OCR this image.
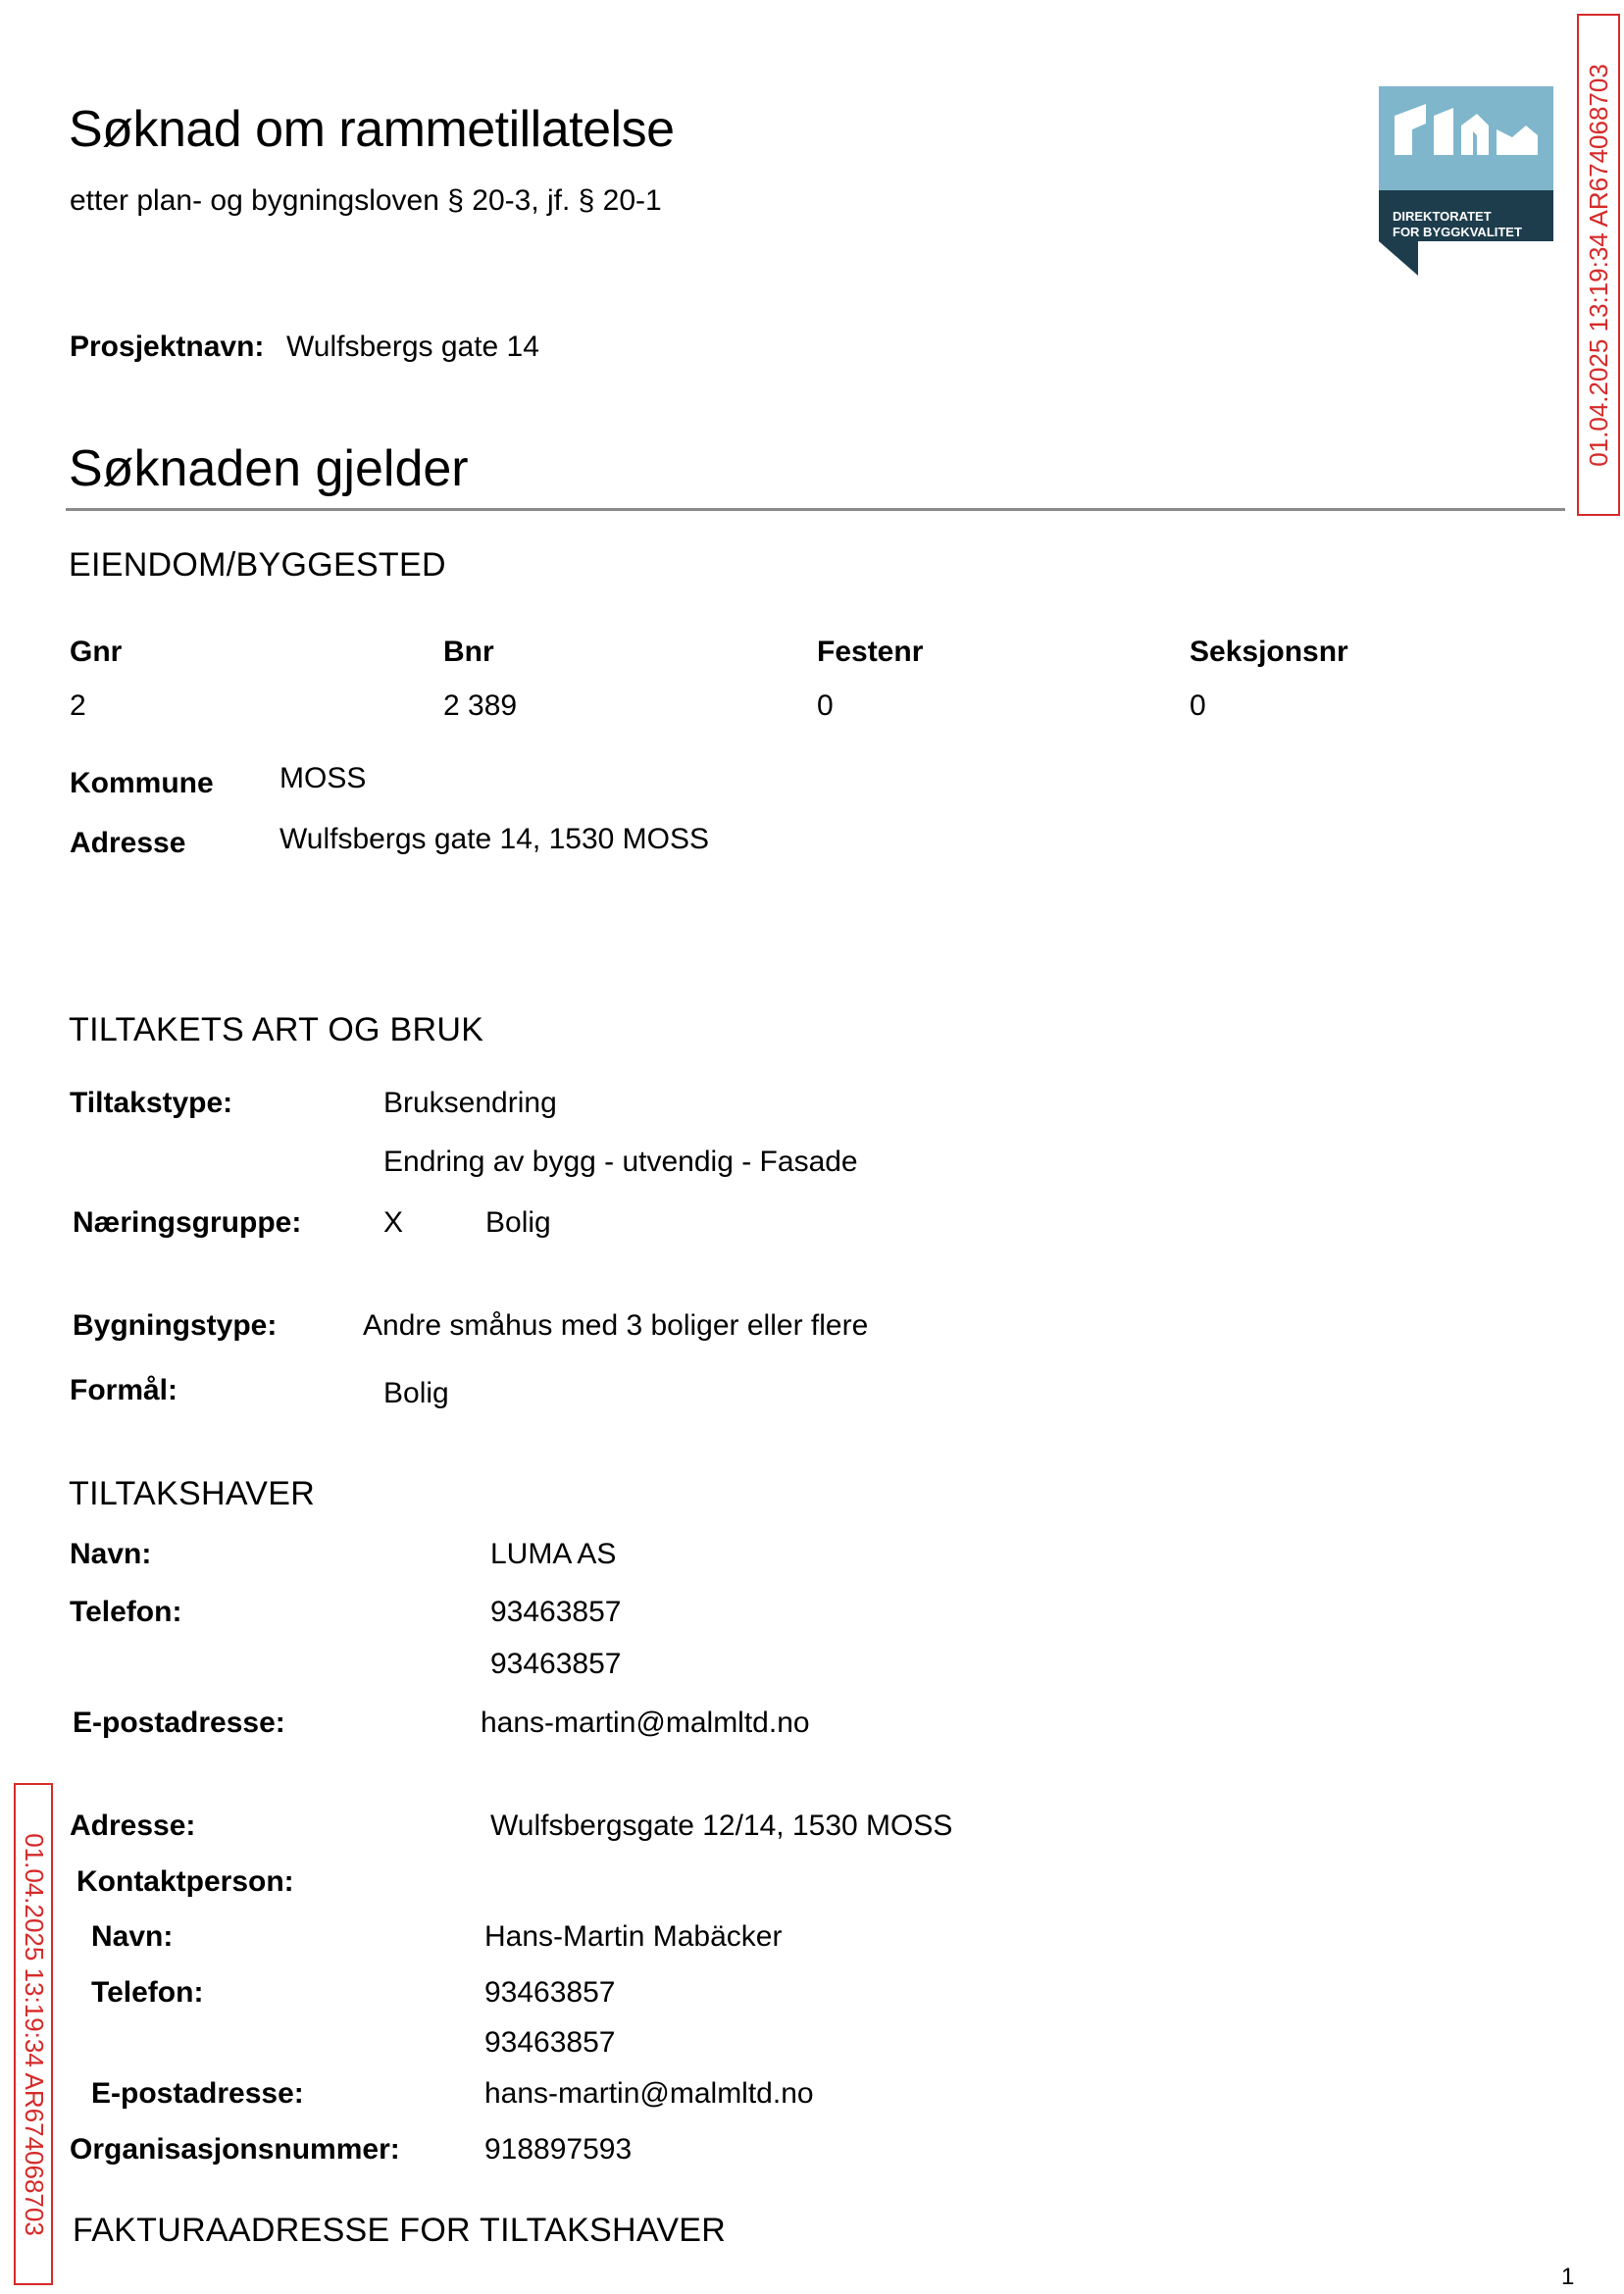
Søknad om rammetillatelse
etter plan- og bygningsloven § 20-3, jf. § 20-1	DIREKTORATET
FOR BYGGKVALITET 01.04.2025 13:19:34 AR674068703
Prosjektnavn: Wulfsbergs gate 14
Søknaden gjelder
EIENDOM/BYGGESTED
Gnr	Bnr	Festenr	Seksjonsnr
2	2 389	0	0
Kommune MOSS
Adresse	Wulfsbergs gate 14, 1530 MOSS
TILTAKETS ART OG BRUK
Tiltakstype:	Bruksendring
Endring av bygg - utvendig - Fasade
Næringsgruppe:	X	Bolig
Bygningstype:	Andre småhus med 3 boliger eller flere
Formål:	Bolig
TILTAKSHAVER
Navn:	LUMA AS
Telefon:	93463857
93463857
E-postadresse:	hans-martin@malmltd.no
Adresse:	Wulfsbergsgate 12/14, 1530 MOSS
Kontaktperson:
Navn:	Hans-Martin Mabäcker
Telefon:	93463857
93463857
E-postadresse:	hans-martin@malmltd.no
Organisasjonsnummer:	918897593
01.04.2025 13:19:34 AR674068703 FAKTURAADRESSE FOR TILTAKSHAVER
1
